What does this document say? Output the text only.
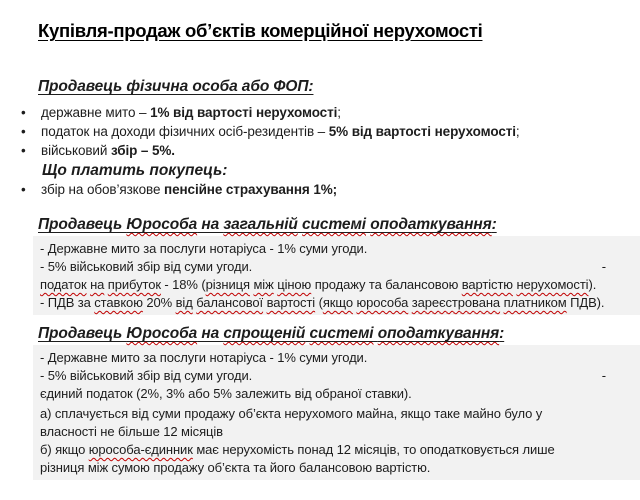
Купівля-продаж об’єктів комерційної нерухомості
Продавець фізична особа або ФОП:
• державне мито – 1% від вартості нерухомості;
• податок на доходи фізичних осіб-резидентів – 5% від вартості нерухомості;
• військовий збір – 5%.
Що платить покупець:
• збір на обов’язкове пенсійне страхування 1%;
Продавець Юрособа на загальній системі оподаткування:
- Державне мито за послуги нотаріуса - 1% суми угоди.
-
- 5% військовий збір від суми угоди.
податок на прибуток - 18% (різниця між ціною продажу та балансовою вартістю нерухомості).
- ПДВ за ставкою 20% від балансової вартості (якщо юрособа зареєстрована платником ПДВ).
Продавець Юрособа на спрощеній системі оподаткування:
- Державне мито за послуги нотаріуса - 1% суми угоди.
-
- 5% військовий збір від суми угоди.
єдиний податок (2%, 3% або 5% залежить від обраної ставки).
а) сплачується від суми продажу об’єкта нерухомого майна, якщо таке майно було у
власності не більше 12 місяців
б) якщо юрособа-єдинник має нерухомість понад 12 місяців, то оподатковується лише
різниця між сумою продажу об’єкта та його балансовою вартістю.
